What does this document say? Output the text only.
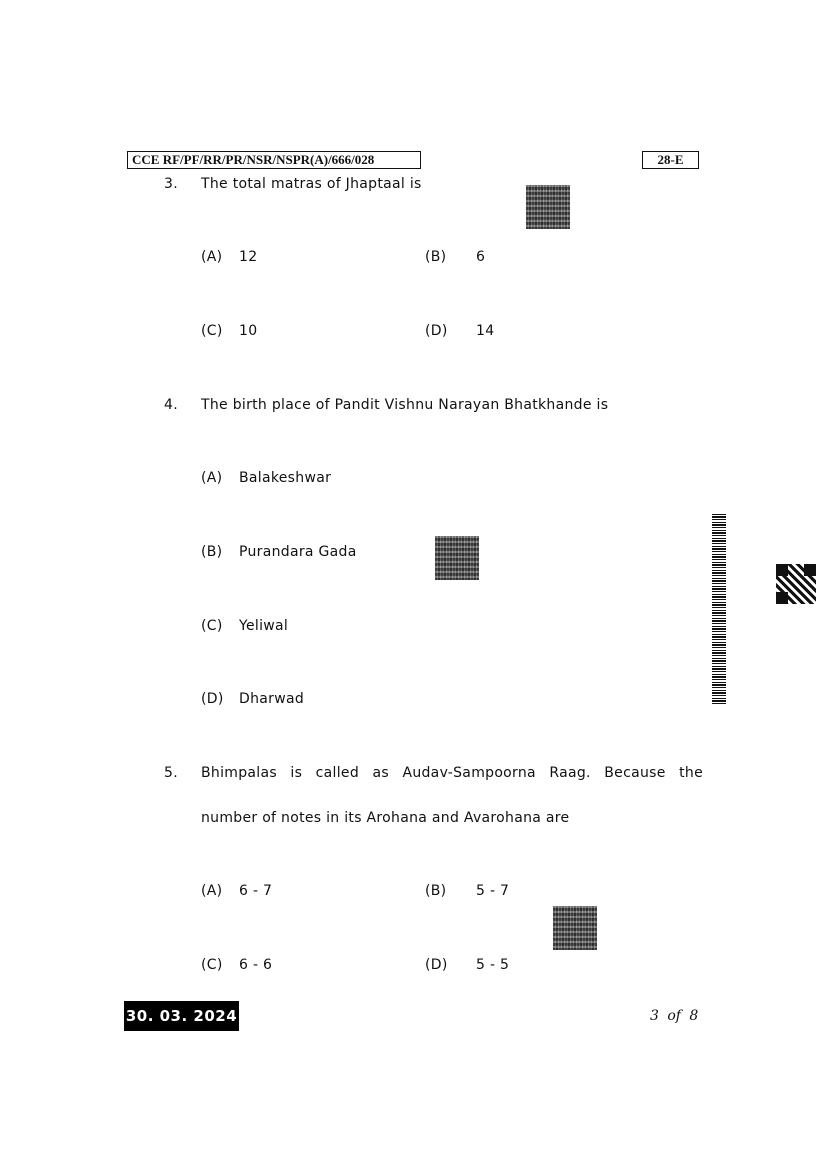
CCE RF/PF/RR/PR/NSR/NSPR(A)/666/028	28-E
3. The total matras of Jhaptaal is
(A) 12	(B) 6
(C) 10	(D) 14
4. The birth place of Pandit Vishnu Narayan Bhatkhande is
(A) Balakeshwar
(B) Purandara Gada
(C) Yeliwal
(D) Dharwad
5. Bhimpalas is called as Audav-Sampoorna Raag. Because the
number of notes in its Arohana and Avarohana are
(A) 6 - 7	(B) 5 - 7
(C) 6 - 6	(D) 5 - 5
30. 03. 2024	3 of 8
